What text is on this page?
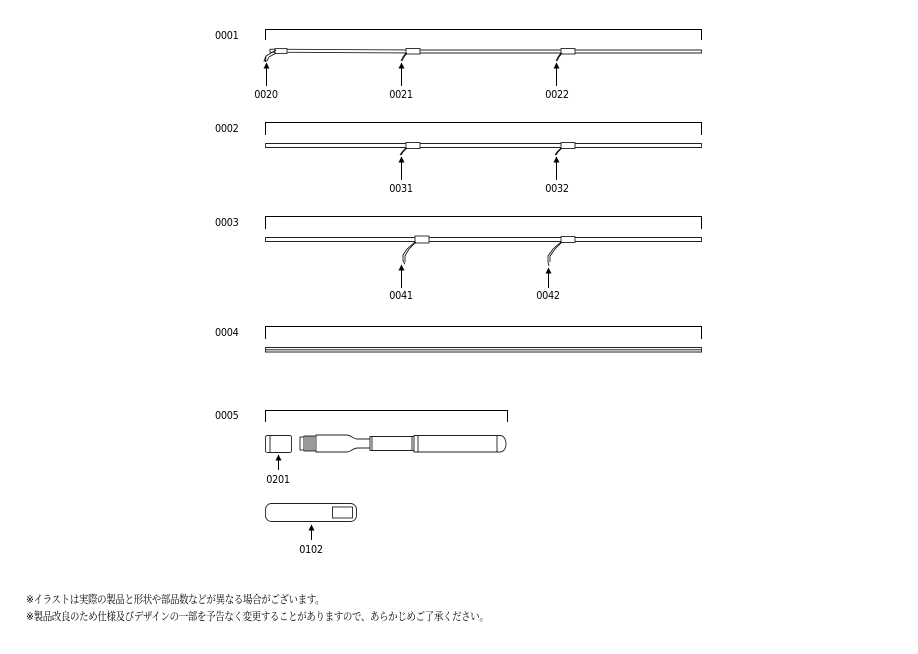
0001
0002
0003
0004
0005
0020	0021	0022
0031	0032
0041	0042
0201
0102
※イラストは実際の製品と形状や部品数などが異なる場合がございます。
※製品改良のため仕様及びデザインの一部を予告なく変更することがありますので、あらかじめご了承ください。
